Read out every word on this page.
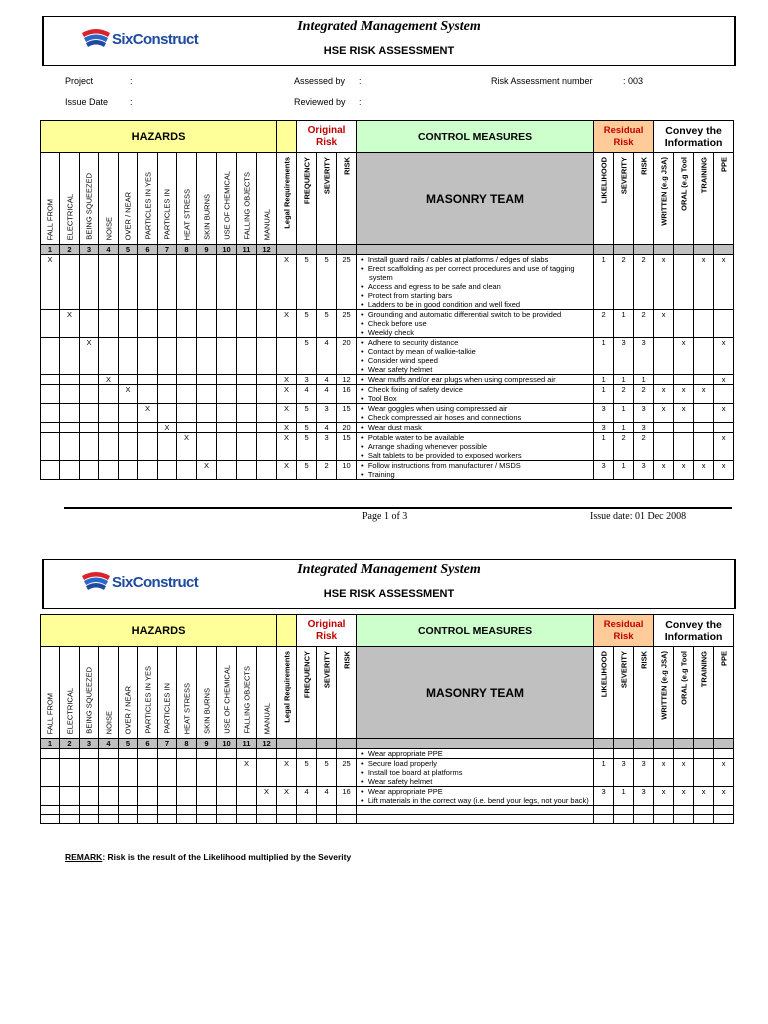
SixConstruct
Integrated Management System
HSE RISK ASSESSMENT
Project	:	Assessed by :	Risk Assessment number	: 003
Issue Date :	Reviewed by :
HAZARDS													Original Risk			CONTROL MEASURES	Residual Risk			Convey the Information			

FALL FROM	ELECTRICAL	BEING SQUEEZED	NOISE	OVER / NEAR	PARTICLES IN YES	PARTICLES IN	HEAT STRESS	SKIN BURNS	USE OF CHEMICAL	FALLING OBJECTS	MANUAL	Legal Requirements	FREQUENCY	SEVERITY	RISK	MASONRY TEAM	LIKELIHOOD	SEVERITY	RISK	WRITTEN (e.g JSA)	ORAL (e.g Tool	TRAINING	PPE

1	2	3	4	5	6	7	8	9	10	11	12												
X												X	5	5	25	•  Install guard rails / cables at platforms / edges of slabs
•  Erect scaffolding as per correct procedures and use of tagging system
•  Access and egress to be safe and clean
•  Protect from starting bars
•  Ladders to be in good condition and well fixed	1	2	2	x		x	x
	X											X	5	5	25	•  Grounding and automatic differential switch to be provided
•  Check before use
•  Weekly check	2	1	2	x			
		X											5	4	20	•  Adhere to security distance
•  Contact by mean of walkie-talkie
•  Consider wind speed
•  Wear safety helmet	1	3	3		x		x
			X									X	3	4	12	•  Wear muffs and/or ear plugs when using compressed air	1	1	1				x
				X								X	4	4	16	•  Check fixing of safety device
•  Tool Box	1	2	2	x	x	x	
					X							X	5	3	15	•  Wear goggles when using compressed air
•  Check compressed air hoses and connections	3	1	3	x	x		x
						X						X	5	4	20	•  Wear dust mask	3	1	3				
							X					X	5	3	15	•  Potable water to be available
•  Arrange shading whenever possible
•  Salt tablets to be provided to exposed workers	1	2	2				x
								X				X	5	2	10	•  Follow instructions from manufacturer / MSDS
•  Training	3	1	3	x	x	x	x
Page 1 of 3	Issue date: 01 Dec 2008
SixConstruct
Integrated Management System
HSE RISK ASSESSMENT
HAZARDS													Original Risk			CONTROL MEASURES	Residual Risk			Convey the Information			

FALL FROM	ELECTRICAL	BEING SQUEEZED	NOISE	OVER / NEAR	PARTICLES IN YES	PARTICLES IN	HEAT STRESS	SKIN BURNS	USE OF CHEMICAL	FALLING OBJECTS	MANUAL	Legal Requirements	FREQUENCY	SEVERITY	RISK	MASONRY TEAM	LIKELIHOOD	SEVERITY	RISK	WRITTEN (e.g JSA)	ORAL (e.g Tool	TRAINING	PPE

1	2	3	4	5	6	7	8	9	10	11	12												

																•  Wear appropriate PPE

										X		X	5	5	25	•  Secure load properly
•  Install toe board at platforms
•  Wear safety helmet	1	3	3	x	x		x
											X	X	4	4	16	•  Wear appropriate PPE
•  Lift materials in the correct way (i.e. bend your legs, not your back)	3	1	3	x	x	x	x

REMARK: Risk is the result of the Likelihood multiplied by the Severity
